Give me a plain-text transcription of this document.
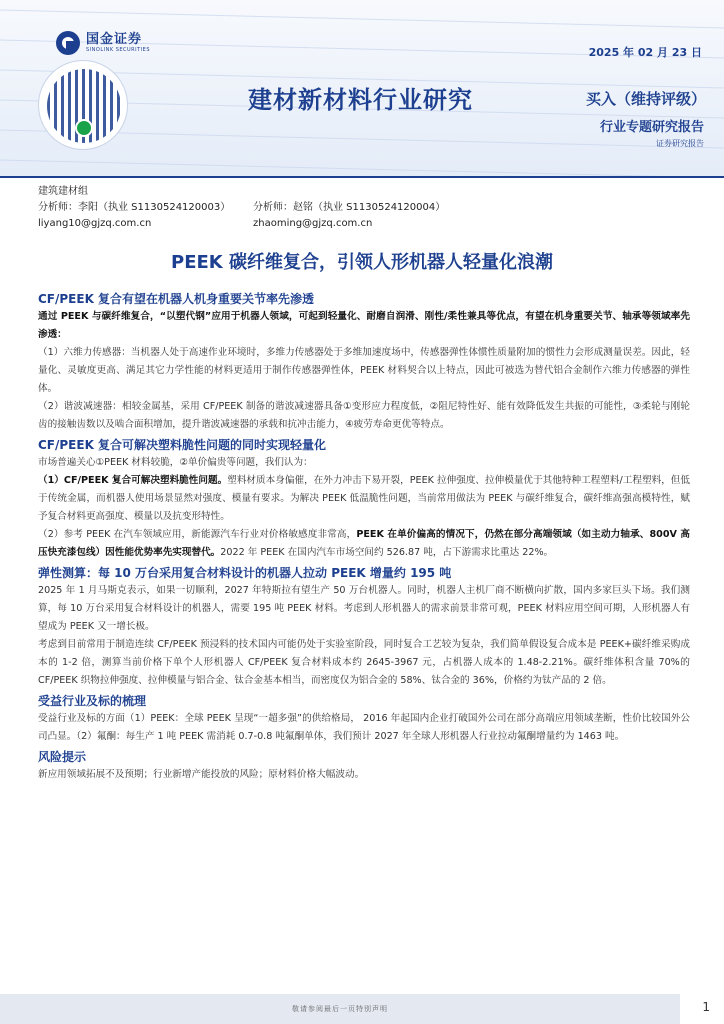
国金证券
SINOLINK SECURITIES	2025 年 02 月 23 日
建材新材料行业研究	买入（维持评级）
行业专题研究报告
证券研究报告
建筑建材组
分析师：李阳（执业 S1130524120003）	分析师：赵铭（执业 S1130524120004）
liyang10@gjzq.com.cn	zhaoming@gjzq.com.cn
PEEK 碳纤维复合，引领人形机器人轻量化浪潮
CF/PEEK 复合有望在机器人机身重要关节率先渗透
通过 PEEK 与碳纤维复合，“以塑代钢”应用于机器人领域，可起到轻量化、耐磨自润滑、刚性/柔性兼具等优点，有望在机身重要关节、轴承等领域率先渗透：
（1）六维力传感器：当机器人处于高速作业环境时，多维力传感器处于多维加速度场中，传感器弹性体惯性质量附加的惯性力会形成测量误差。因此，轻量化、灵敏度更高、满足其它力学性能的材料更适用于制作传感器弹性体，PEEK 材料契合以上特点，因此可被选为替代铝合金制作六维力传感器的弹性体。
（2）谐波减速器：相较金属基，采用 CF/PEEK 制备的谐波减速器具备①变形应力程度低，②阻尼特性好、能有效降低发生共振的可能性，③柔轮与刚轮齿的接触齿数以及啮合面积增加，提升谐波减速器的承载和抗冲击能力，④疲劳寿命更优等特点。
CF/PEEK 复合可解决塑料脆性问题的同时实现轻量化
市场普遍关心①PEEK 材料较脆，②单价偏贵等问题，我们认为：
（1）CF/PEEK 复合可解决塑料脆性问题。塑料材质本身偏催，在外力冲击下易开裂，PEEK 拉伸强度、拉伸模量优于其他特种工程塑料/工程塑料，但低于传统金属，而机器人使用场景显然对强度、模量有要求。为解决 PEEK 低温脆性问题，当前常用做法为 PEEK 与碳纤维复合，碳纤维高强高模特性，赋予复合材料更高强度、模量以及抗变形特性。
（2）参考 PEEK 在汽车领域应用，新能源汽车行业对价格敏感度非常高，PEEK 在单价偏高的情况下，仍然在部分高端领域（如主动力轴承、800V 高压快充漆包线）因性能优势率先实现替代。2022 年 PEEK 在国内汽车市场空间约 526.87 吨，占下游需求比重达 22%。
弹性测算：每 10 万台采用复合材料设计的机器人拉动 PEEK 增量约 195 吨
2025 年 1 月马斯克表示，如果一切顺利，2027 年特斯拉有望生产 50 万台机器人。同时，机器人主机厂商不断横向扩散，国内多家巨头下场。我们测算，每 10 万台采用复合材料设计的机器人，需要 195 吨 PEEK 材料。考虑到人形机器人的需求前景非常可观，PEEK 材料应用空间可期，人形机器人有望成为 PEEK 又一增长极。
考虑到目前常用于制造连续 CF/PEEK 预浸料的技术国内可能仍处于实验室阶段，同时复合工艺较为复杂，我们简单假设复合成本是 PEEK+碳纤维采购成本的 1-2 倍，测算当前价格下单个人形机器人 CF/PEEK 复合材料成本约 2645-3967 元，占机器人成本的 1.48-2.21%。碳纤维体积含量 70%的 CF/PEEK 织物拉伸强度、拉伸模量与铝合金、钛合金基本相当，而密度仅为铝合金的 58%、钛合金的 36%，价格约为钛产品的 2 倍。
受益行业及标的梳理
受益行业及标的方面（1）PEEK：全球 PEEK 呈现“一超多强”的供给格局， 2016 年起国内企业打破国外公司在部分高端应用领域垄断，性价比较国外公司凸显。（2）氟酮：每生产 1 吨 PEEK 需消耗 0.7-0.8 吨氟酮单体，我们预计 2027 年全球人形机器人行业拉动氟酮增量约为 1463 吨。
风险提示
新应用领域拓展不及预期；行业新增产能投放的风险；原材料价格大幅波动。
敬请参阅最后一页特别声明	1
